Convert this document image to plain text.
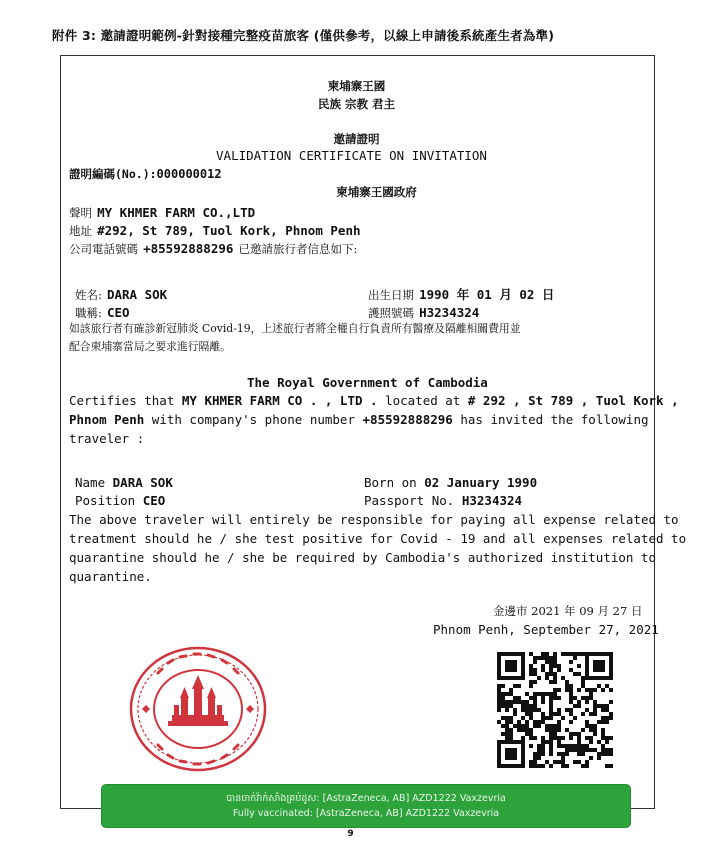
附件 3: 邀請證明範例-針對接種完整疫苗旅客 (僅供參考，以線上申請後系統產生者為準)
柬埔寨王國
民族 宗教 君主
邀請證明
VALIDATION CERTIFICATE ON INVITATION
證明編碼(No.):000000012
柬埔寨王國政府
聲明 MY KHMER FARM CO.,LTD
地址 #292, St 789, Tuol Kork, Phnom Penh
公司電話號碼 +85592888296 已邀請旅行者信息如下:
姓名: DARA SOK
職稱: CEO
出生日期 1990 年 01 月 02 日
護照號碼 H3234324
如該旅行者有確診新冠肺炎 Covid-19，上述旅行者將全權自行負責所有醫療及隔離相關費用並
配合柬埔寨當局之要求進行隔離。
The Royal Government of Cambodia
Certifies that MY KHMER FARM CO . , LTD . located at # 292 , St 789 , Tuol Kork ,
Phnom Penh with company's phone number +85592888296 has invited the following
traveler :
Name DARA SOK
Position CEO
Born on 02 January 1990
Passport No. H3234324
The above traveler will entirely be responsible for paying all expense related to
treatment should he / she test positive for Covid - 19 and all expenses related to
quarantine should he / she be required by Cambodia's authorized institution to
quarantine.
金邊市 2021 年 09 月 27 日
Phnom Penh, September 27, 2021
បានចាក់វ៉ាក់សាំងគ្រប់ដូស: [AstraZeneca, AB] AZD1222 Vaxzevria
Fully vaccinated: [AstraZeneca, AB] AZD1222 Vaxzevria
9
